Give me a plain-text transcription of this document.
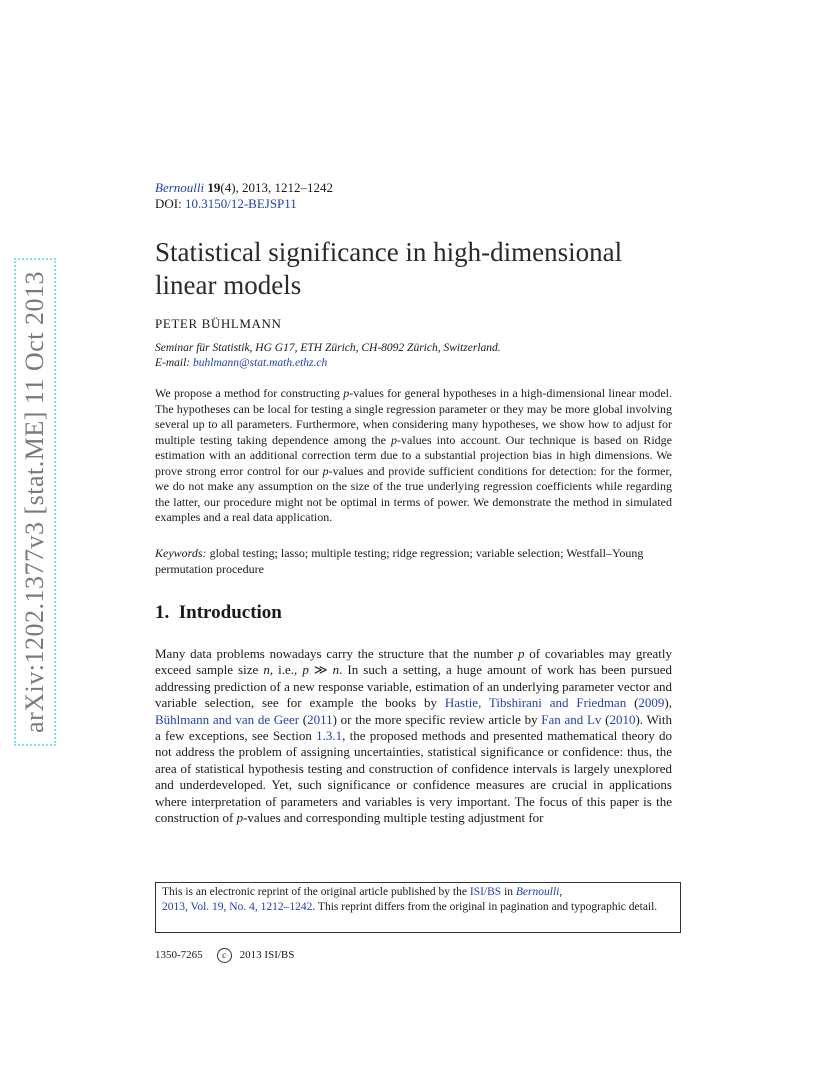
arXiv:1202.1377v3 [stat.ME] 11 Oct 2013
Bernoulli 19(4), 2013, 1212–1242
DOI: 10.3150/12-BEJSP11
Statistical significance in high-dimensional
linear models
PETER BÜHLMANN
Seminar für Statistik, HG G17, ETH Zürich, CH-8092 Zürich, Switzerland.
E-mail: buhlmann@stat.math.ethz.ch
We propose a method for constructing p-values for general hypotheses in a high-dimensional linear model. The hypotheses can be local for testing a single regression parameter or they may be more global involving several up to all parameters. Furthermore, when considering many hypotheses, we show how to adjust for multiple testing taking dependence among the p-values into account. Our technique is based on Ridge estimation with an additional correction term due to a substantial projection bias in high dimensions. We prove strong error control for our p-values and provide sufficient conditions for detection: for the former, we do not make any assumption on the size of the true underlying regression coefficients while regarding the latter, our procedure might not be optimal in terms of power. We demonstrate the method in simulated examples and a real data application.
Keywords: global testing; lasso; multiple testing; ridge regression; variable selection; Westfall–Young permutation procedure
1. Introduction
Many data problems nowadays carry the structure that the number p of covariables may greatly exceed sample size n, i.e., p ≫ n. In such a setting, a huge amount of work has been pursued addressing prediction of a new response variable, estimation of an underlying parameter vector and variable selection, see for example the books by Hastie, Tibshirani and Friedman (2009), Bühlmann and van de Geer (2011) or the more specific review article by Fan and Lv (2010). With a few exceptions, see Section 1.3.1, the proposed methods and presented mathematical theory do not address the problem of assigning uncertainties, statistical significance or confidence: thus, the area of statistical hypothesis testing and construction of confidence intervals is largely unexplored and underdeveloped. Yet, such significance or confidence measures are crucial in applications where interpretation of parameters and variables is very important. The focus of this paper is the construction of p-values and corresponding multiple testing adjustment for
This is an electronic reprint of the original article published by the ISI/BS in Bernoulli,
2013, Vol. 19, No. 4, 1212–1242. This reprint differs from the original in pagination and typographic detail.
1350-7265 c 2013 ISI/BS
